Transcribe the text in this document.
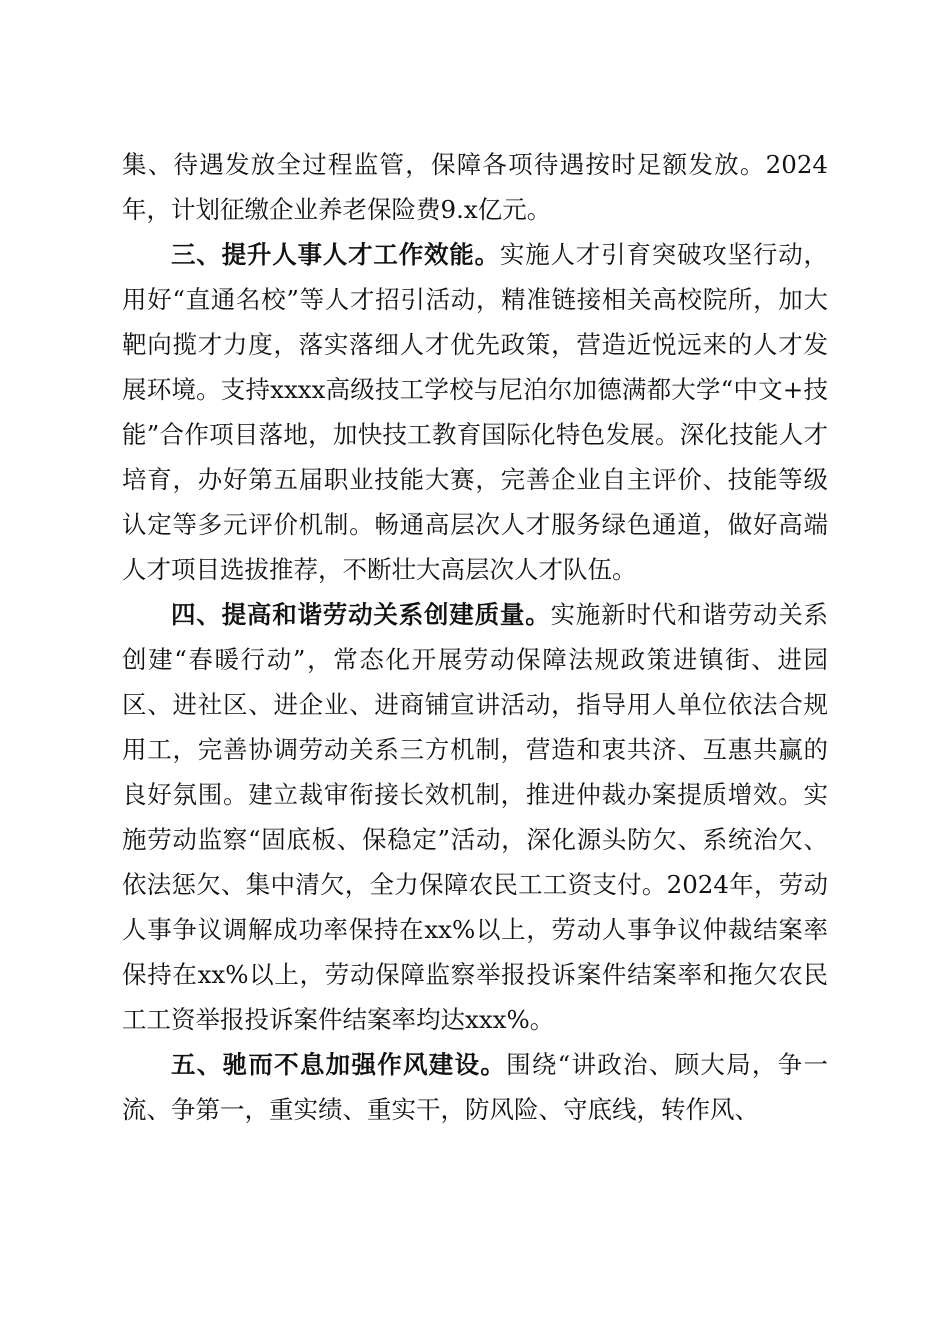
集、待遇发放全过程监管，保障各项待遇按时足额发放。2024年，计划征缴企业养老保险费9.x亿元。

三、提升人事人才工作效能。实施人才引育突破攻坚行动，用好“直通名校”等人才招引活动，精准链接相关高校院所，加大靶向揽才力度，落实落细人才优先政策，营造近悦远来的人才发展环境。支持xxxx高级技工学校与尼泊尔加德满都大学“中文+技能”合作项目落地，加快技工教育国际化特色发展。深化技能人才培育，办好第五届职业技能大赛，完善企业自主评价、技能等级认定等多元评价机制。畅通高层次人才服务绿色通道，做好高端人才项目选拔推荐，不断壮大高层次人才队伍。

四、提高和谐劳动关系创建质量。实施新时代和谐劳动关系创建“春暖行动”，常态化开展劳动保障法规政策进镇街、进园区、进社区、进企业、进商铺宣讲活动，指导用人单位依法合规用工，完善协调劳动关系三方机制，营造和衷共济、互惠共赢的良好氛围。建立裁审衔接长效机制，推进仲裁办案提质增效。实施劳动监察“固底板、保稳定”活动，深化源头防欠、系统治欠、依法惩欠、集中清欠，全力保障农民工工资支付。2024年，劳动人事争议调解成功率保持在xx%以上，劳动人事争议仲裁结案率保持在xx%以上，劳动保障监察举报投诉案件结案率和拖欠农民工工资举报投诉案件结案率均达xxx%。

五、驰而不息加强作风建设。围绕“讲政治、顾大局，争一流、争第一，重实绩、重实干，防风险、守底线，转作风、
